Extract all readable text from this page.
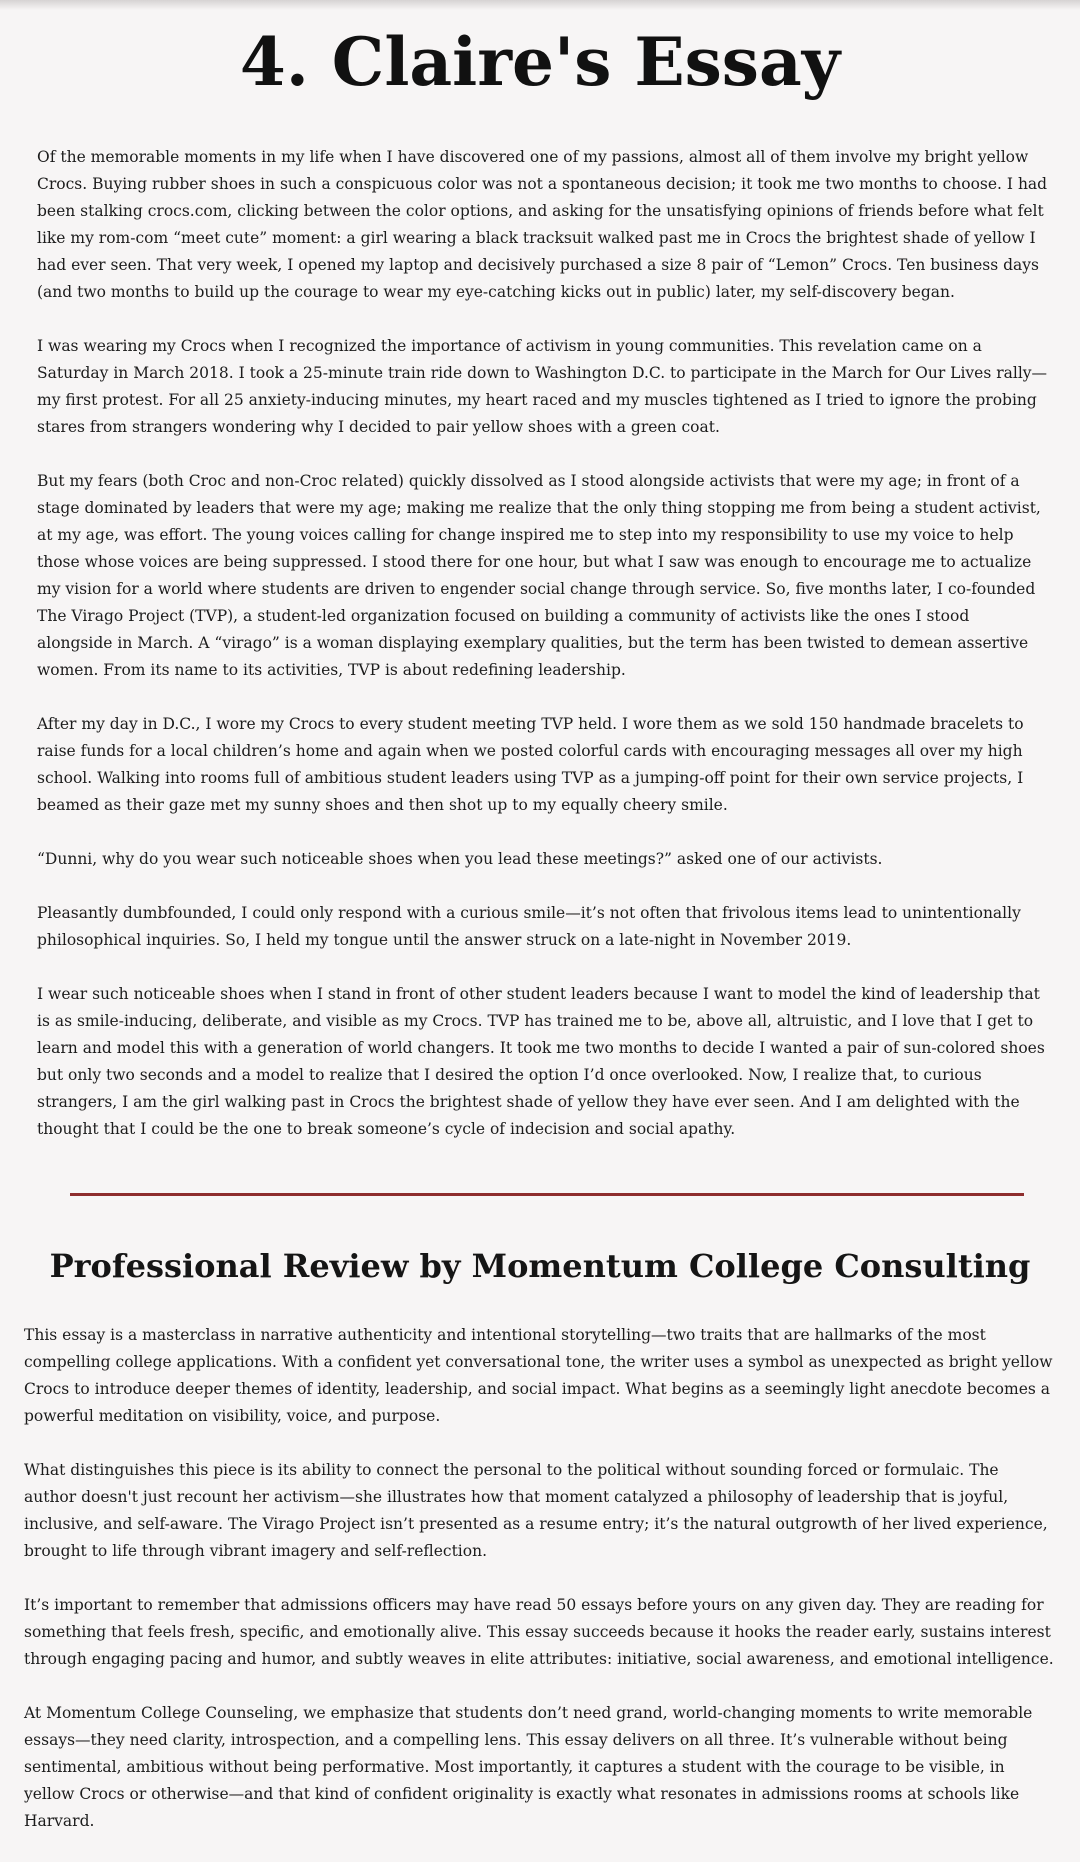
4. Claire's Essay

Of the memorable moments in my life when I have discovered one of my passions, almost all of them involve my bright yellow Crocs. Buying rubber shoes in such a conspicuous color was not a spontaneous decision; it took me two months to choose. I had been stalking crocs.com, clicking between the color options, and asking for the unsatisfying opinions of friends before what felt like my rom-com “meet cute” moment: a girl wearing a black tracksuit walked past me in Crocs the brightest shade of yellow I had ever seen. That very week, I opened my laptop and decisively purchased a size 8 pair of “Lemon” Crocs. Ten business days (and two months to build up the courage to wear my eye-catching kicks out in public) later, my self-discovery began.

I was wearing my Crocs when I recognized the importance of activism in young communities. This revelation came on a Saturday in March 2018. I took a 25-minute train ride down to Washington D.C. to participate in the March for Our Lives rally—my first protest. For all 25 anxiety-inducing minutes, my heart raced and my muscles tightened as I tried to ignore the probing stares from strangers wondering why I decided to pair yellow shoes with a green coat.

But my fears (both Croc and non-Croc related) quickly dissolved as I stood alongside activists that were my age; in front of a stage dominated by leaders that were my age; making me realize that the only thing stopping me from being a student activist, at my age, was effort. The young voices calling for change inspired me to step into my responsibility to use my voice to help those whose voices are being suppressed. I stood there for one hour, but what I saw was enough to encourage me to actualize my vision for a world where students are driven to engender social change through service. So, five months later, I co-founded The Virago Project (TVP), a student-led organization focused on building a community of activists like the ones I stood alongside in March. A “virago” is a woman displaying exemplary qualities, but the term has been twisted to demean assertive women. From its name to its activities, TVP is about redefining leadership.

After my day in D.C., I wore my Crocs to every student meeting TVP held. I wore them as we sold 150 handmade bracelets to raise funds for a local children’s home and again when we posted colorful cards with encouraging messages all over my high school. Walking into rooms full of ambitious student leaders using TVP as a jumping-off point for their own service projects, I beamed as their gaze met my sunny shoes and then shot up to my equally cheery smile.

“Dunni, why do you wear such noticeable shoes when you lead these meetings?” asked one of our activists.

Pleasantly dumbfounded, I could only respond with a curious smile—it’s not often that frivolous items lead to unintentionally philosophical inquiries. So, I held my tongue until the answer struck on a late-night in November 2019.

I wear such noticeable shoes when I stand in front of other student leaders because I want to model the kind of leadership that is as smile-inducing, deliberate, and visible as my Crocs. TVP has trained me to be, above all, altruistic, and I love that I get to learn and model this with a generation of world changers. It took me two months to decide I wanted a pair of sun-colored shoes but only two seconds and a model to realize that I desired the option I’d once overlooked. Now, I realize that, to curious strangers, I am the girl walking past in Crocs the brightest shade of yellow they have ever seen. And I am delighted with the thought that I could be the one to break someone’s cycle of indecision and social apathy.

Professional Review by Momentum College Consulting

This essay is a masterclass in narrative authenticity and intentional storytelling—two traits that are hallmarks of the most compelling college applications. With a confident yet conversational tone, the writer uses a symbol as unexpected as bright yellow Crocs to introduce deeper themes of identity, leadership, and social impact. What begins as a seemingly light anecdote becomes a powerful meditation on visibility, voice, and purpose.

What distinguishes this piece is its ability to connect the personal to the political without sounding forced or formulaic. The author doesn't just recount her activism—she illustrates how that moment catalyzed a philosophy of leadership that is joyful, inclusive, and self-aware. The Virago Project isn’t presented as a resume entry; it’s the natural outgrowth of her lived experience, brought to life through vibrant imagery and self-reflection.

It’s important to remember that admissions officers may have read 50 essays before yours on any given day. They are reading for something that feels fresh, specific, and emotionally alive. This essay succeeds because it hooks the reader early, sustains interest through engaging pacing and humor, and subtly weaves in elite attributes: initiative, social awareness, and emotional intelligence.

At Momentum College Counseling, we emphasize that students don’t need grand, world-changing moments to write memorable essays—they need clarity, introspection, and a compelling lens. This essay delivers on all three. It’s vulnerable without being sentimental, ambitious without being performative. Most importantly, it captures a student with the courage to be visible, in yellow Crocs or otherwise—and that kind of confident originality is exactly what resonates in admissions rooms at schools like Harvard.
